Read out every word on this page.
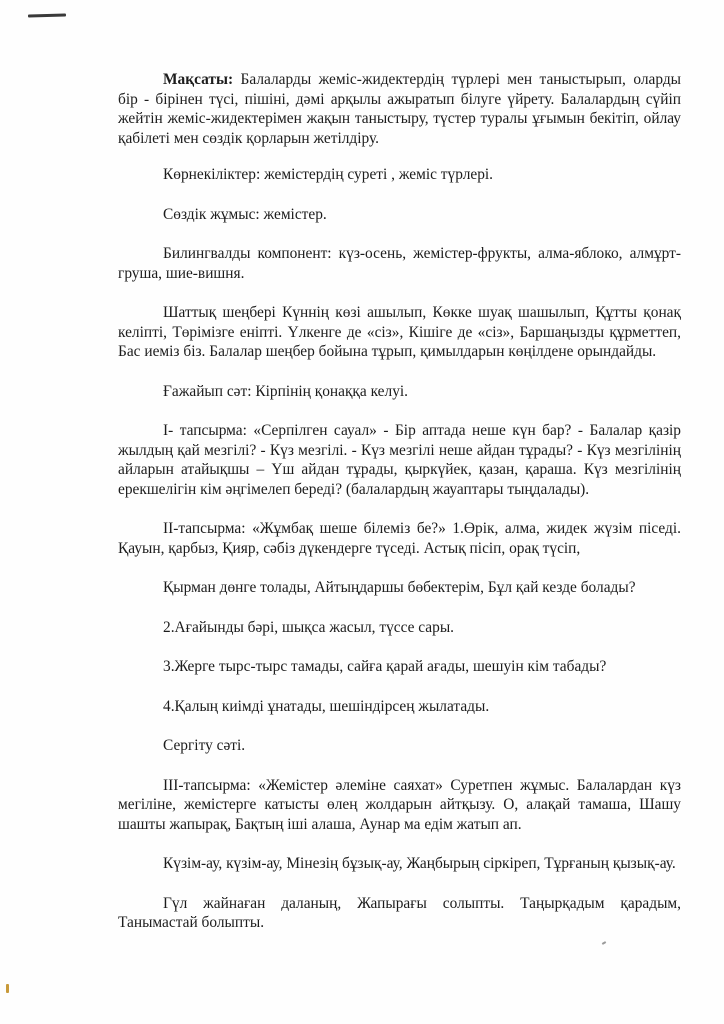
Мақсаты: Балаларды жеміс-жидектердің түрлері мен таныстырып, оларды бір - бірінен түсі, пішіні, дәмі арқылы ажыратып білуге үйрету. Балалардың сүйіп жейтін жеміс-жидектерімен жақын таныстыру, түстер туралы ұғымын бекітіп, ойлау қабілеті мен сөздік қорларын жетілдіру.

Көрнекіліктер: жемістердің суреті , жеміс түрлері.

Сөздік жұмыс: жемістер.

Билингвалды компонент: күз-осень, жемістер-фрукты, алма-яблоко, алмұрт-груша, шие-вишня.

Шаттық шеңбері Күннің көзі ашылып, Көкке шуақ шашылып, Құтты қонақ келіпті, Төрімізге еніпті. Үлкенге де «сіз», Кішіге де «сіз», Баршаңызды құрметтеп, Бас иеміз біз. Балалар шеңбер бойына тұрып, қимылдарын көңілдене орындайды.

Ғажайып сәт: Кірпінің қонаққа келуі.

I- тапсырма: «Серпілген сауал» - Бір аптада неше күн бар? - Балалар қазір жылдың қай мезгілі? - Күз мезгілі. - Күз мезгілі неше айдан тұрады? - Күз мезгілінің айларын атайықшы – Үш айдан тұрады, қыркүйек, қазан, қараша. Күз мезгілінің ерекшелігін кім әңгімелеп береді? (балалардың жауаптары тыңдалады).

II-тапсырма: «Жұмбақ шеше білеміз бе?» 1.Өрік, алма, жидек жүзім піседі. Қауын, қарбыз, Қияр, сәбіз дүкендерге түседі. Астық пісіп, орақ түсіп,

Қырман дөнге толады, Айтыңдаршы бөбектерім, Бұл қай кезде болады?

2.Ағайынды бәрі, шықса жасыл, түссе сары.

3.Жерге тырс-тырс тамады, сайға қарай ағады, шешуін кім табады?

4.Қалың киімді ұнатады, шешіндірсең жылатады.

Сергіту сәті.

III-тапсырма: «Жемістер әлеміне саяхат» Суретпен жұмыс. Балалардан күз мегіліне, жемістерге катысты өлең жолдарын айтқызу. О, алақай тамаша, Шашу шашты жапырақ, Бақтың іші алаша, Аунар ма едім жатып ап.

Күзім-ау, күзім-ау, Мінезің бұзық-ау, Жаңбырың сіркіреп, Тұрғаның қызық-ау.

Гүл жайнаған даланың, Жапырағы солыпты. Таңырқадым қарадым, Танымастай болыпты.
